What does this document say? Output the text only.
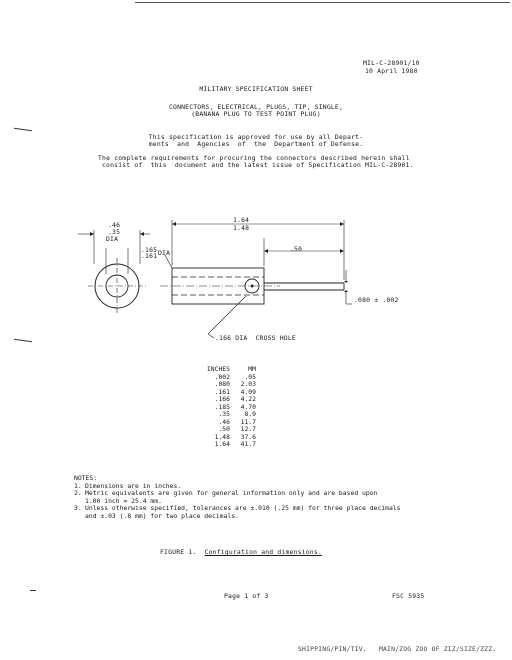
MIL-C-28901/10
10 April 1980
MILITARY SPECIFICATION SHEET
CONNECTORS, ELECTRICAL, PLUGS, TIP, SINGLE,
(BANANA PLUG TO TEST POINT PLUG)
This specification is approved for use by all Depart-
ments  and  Agencies  of  the  Department of Defense.
The complete requirements for procuring the connectors described herein shall
consist of  this  document and the latest issue of Specification MIL-C-28901.
.46
.35
DIA
1.64
1.48
.165
.161 DIA	.50
.080 ± .002
.166 DIA  CROSS HOLE
INCHES	MM
.002	.05
.080	2.03
.161	4.09
.166	4.22
.185	4.70
.35	8.9
.46	11.7
.50	12.7
1.48	37.6
1.64	41.7
NOTES:
1. Dimensions are in inches.
2. Metric equivalents are given for general information only and are based upon
1.00 inch = 25.4 mm.
3. Unless otherwise specified, tolerances are ±.010 (.25 mm) for three place decimals
and ±.03 (.8 mm) for two place decimals.
FIGURE 1. Configuration and dimensions.
Page 1 of 3	FSC 5935
SHIPPING/PIN/TIV.   MAIN/ZOG ZOO OF ZIZ/SIZE/ZZZ.
